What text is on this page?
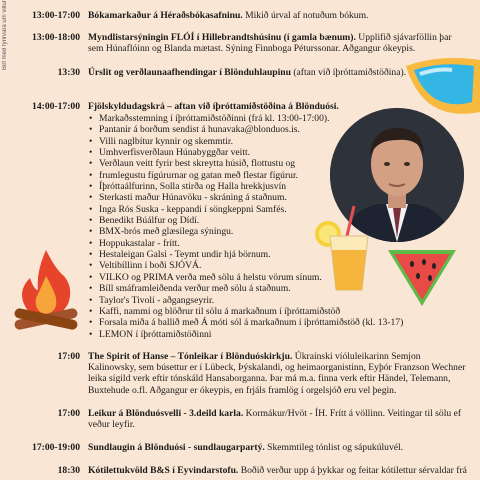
Birt með fyrirvara um villur	13:00-17:00 Bókamarkaður á Héraðsbókasafninu. Mikið úrval af notuðum bókum.
13:00-18:00 Myndlistarsýningin FLÓÍ í Hillebrandtshúsinu (í gamla bænum). Upplifið sjávarföllin þar sem Húnaflóinn og Blanda mætast. Sýning Finnboga Péturssonar. Aðgangur ókeypis.
13:30 Úrslit og verðlaunaafhendingar í Blönduhlaupinu (aftan við íþróttamiðstöðina).
14:00-17:00 Fjölskyldudagskrá – aftan við íþróttamiðstöðina á Blönduósi.
• Markaðsstemning í íþróttamiðstöðinni (frá kl. 13:00-17:00).
• Pantanir á borðum sendist á hunavaka@blonduos.is.
• Villi naglbítur kynnir og skemmtir.
• Umhverfisverðlaun Húnabyggðar veitt.
• Verðlaun veitt fyrir best skreytta húsið, flottustu og
• frumlegustu fígúrurnar og gatan með flestar fígúrur.
• Íþróttaálfurinn, Solla stirða og Halla hrekkjusvín
• Sterkasti maður Húnavöku - skráning á staðnum.
• Inga Rós Suska - keppandi í söngkeppni Samfés.
• Benedikt Búálfur og Dídí.
• BMX-brós með glæsilega sýningu.
• Hoppukastalar - frítt.
• Hestaleigan Galsi - Teymt undir hjá börnum.
• Veltibíllinn í boði SJÓVÁ.
• VILKO og PRIMA verða með sölu á helstu vörum sínum.
• Bíll smáframleiðenda verður með sölu á staðnum.
• Taylor's Tivolí - aðgangseyrir.
• Kaffi, nammi og blöðrur til sölu á markaðnum í íþróttamiðstöð
• Forsala miða á ballið með Á móti sól á markaðnum í íþróttamiðstöð (kl. 13-17)
• LEMON í íþróttamiðstöðinni
17:00 The Spirit of Hanse – Tónleikar í Blönduóskirkju. Úkraínski víóluleikarinn Semjon Kalinowsky, sem búsettur er í Lübeck, Þýskalandi, og heimaorganistinn, Eyþór Franzson Wechner leika sígild verk eftir tónskáld Hansaborganna. Þar má m.a. finna verk eftir Händel, Telemann, Buxtehude o.fl. Aðgangur er ókeypis, en frjáls framlög í orgelsjóð eru vel þegin.
17:00 Leikur á Blönduósvelli - 3.deild karla. Kormákur/Hvöt - ÍH. Frítt á völlinn. Veitingar til sölu ef veður leyfir.
17:00-19:00 Sundlaugin á Blönduósi - sundlaugarpartý. Skemmtileg tónlist og sápukúluvél.
18:30 Kótilettukvöld B&S í Eyvindarstofu. Boðið verður upp á þykkar og feitar kótilettur sérvaldar frá
